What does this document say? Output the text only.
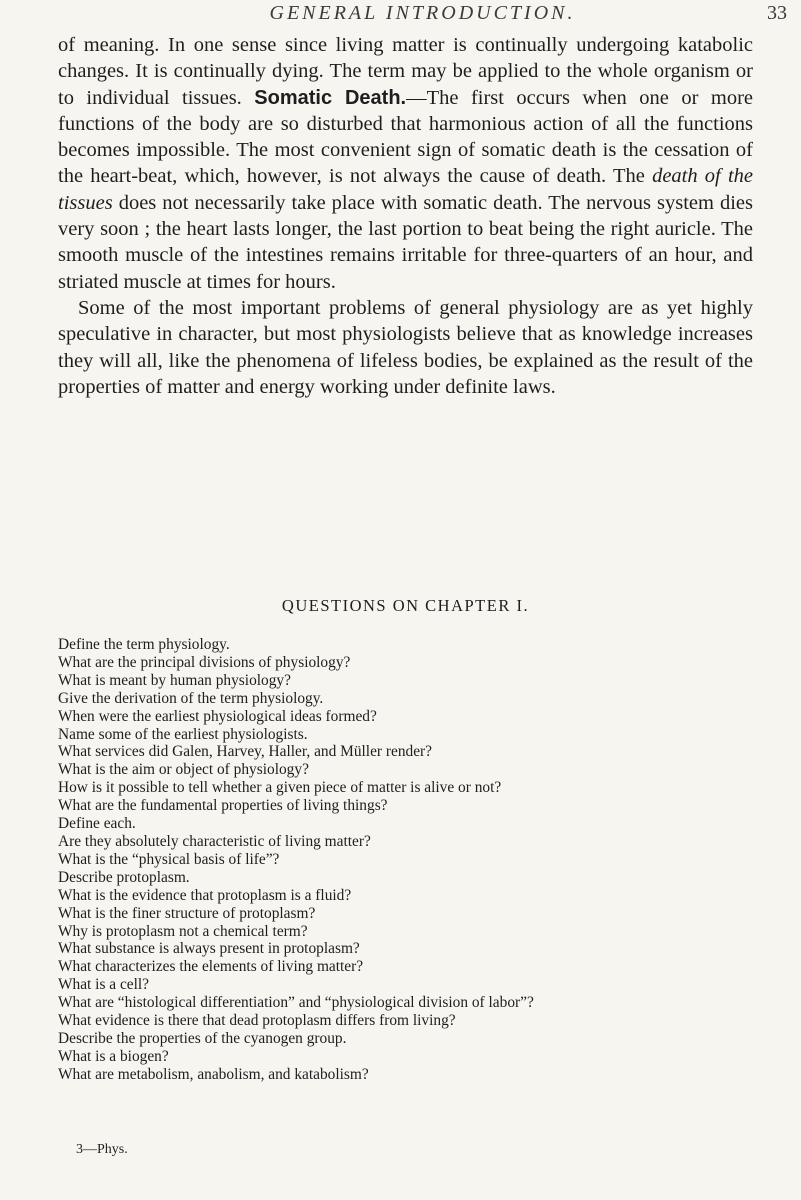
GENERAL INTRODUCTION.	33

of meaning. In one sense since living matter is continually undergoing katabolic changes. It is continually dying. The term may be applied to the whole organism or to individual tissues. Somatic Death.—The first occurs when one or more functions of the body are so disturbed that harmonious action of all the functions becomes impossible. The most convenient sign of somatic death is the cessation of the heart-beat, which, however, is not always the cause of death. The death of the tissues does not necessarily take place with somatic death. The nervous system dies very soon ; the heart lasts longer, the last portion to beat being the right auricle. The smooth muscle of the intestines remains irritable for three-quarters of an hour, and striated muscle at times for hours.

Some of the most important problems of general physiology are as yet highly speculative in character, but most physiologists believe that as knowledge increases they will all, like the phenomena of lifeless bodies, be explained as the result of the properties of matter and energy working under definite laws.

QUESTIONS ON CHAPTER I.
Define the term physiology.
What are the principal divisions of physiology?
What is meant by human physiology?
Give the derivation of the term physiology.
When were the earliest physiological ideas formed?
Name some of the earliest physiologists.
What services did Galen, Harvey, Haller, and Müller render?
What is the aim or object of physiology?
How is it possible to tell whether a given piece of matter is alive or not?
What are the fundamental properties of living things?
Define each.
Are they absolutely characteristic of living matter?
What is the “physical basis of life”?
Describe protoplasm.
What is the evidence that protoplasm is a fluid?
What is the finer structure of protoplasm?
Why is protoplasm not a chemical term?
What substance is always present in protoplasm?
What characterizes the elements of living matter?
What is a cell?
What are “histological differentiation” and “physiological division of labor”?
What evidence is there that dead protoplasm differs from living?
Describe the properties of the cyanogen group.
What is a biogen?
What are metabolism, anabolism, and katabolism?
3—Phys.
